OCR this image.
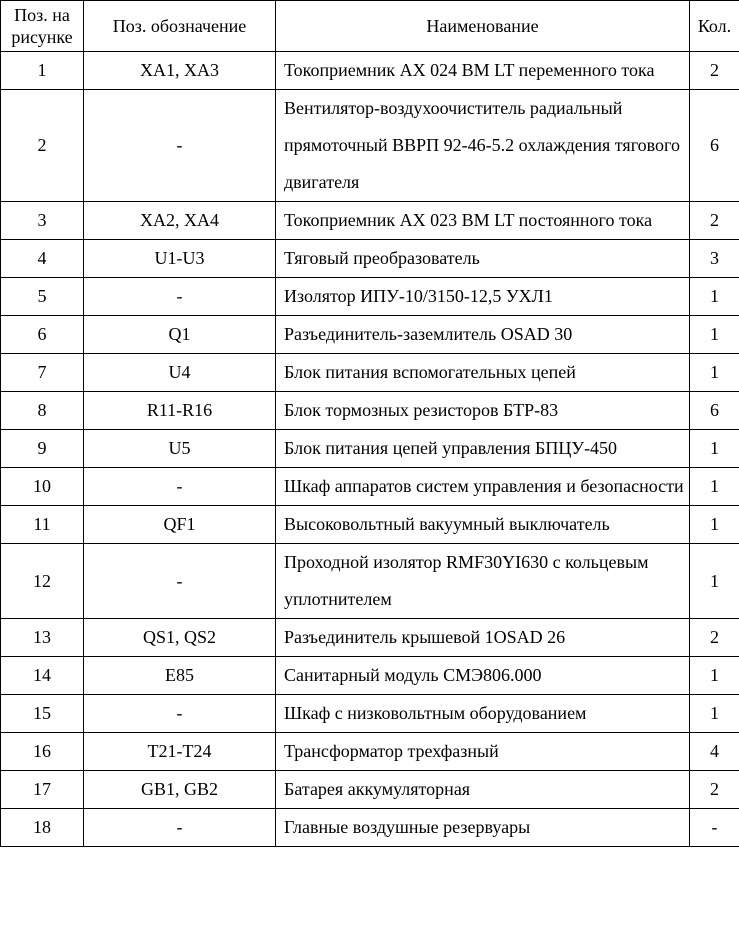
Поз. на рисунке	Поз. обозначение	Наименование	Кол.
1	XA1, XA3	Токоприемник AX 024 BM LT переменного тока	2
2	-	Вентилятор-воздухоочиститель радиальный прямоточный ВВРП 92-46-5.2 охлаждения тягового двигателя	6
3	XA2, XA4	Токоприемник AX 023 BM LT постоянного тока	2
4	U1-U3	Тяговый преобразователь	3
5	-	Изолятор ИПУ-10/3150-12,5 УХЛ1	1
6	Q1	Разъединитель-заземлитель OSAD 30	1
7	U4	Блок питания вспомогательных цепей	1
8	R11-R16	Блок тормозных резисторов БТР-83	6
9	U5	Блок питания цепей управления БПЦУ-450	1
10	-	Шкаф аппаратов систем управления и безопасности	1
11	QF1	Высоковольтный вакуумный выключатель	1
12	-	Проходной изолятор RMF30YI630 с кольцевым уплотнителем	1
13	QS1, QS2	Разъединитель крышевой 1OSAD 26	2
14	E85	Санитарный модуль СМЭ806.000	1
15	-	Шкаф с низковольтным оборудованием	1
16	T21-T24	Трансформатор трехфазный	4
17	GB1, GB2	Батарея аккумуляторная	2
18	-	Главные воздушные резервуары	-
